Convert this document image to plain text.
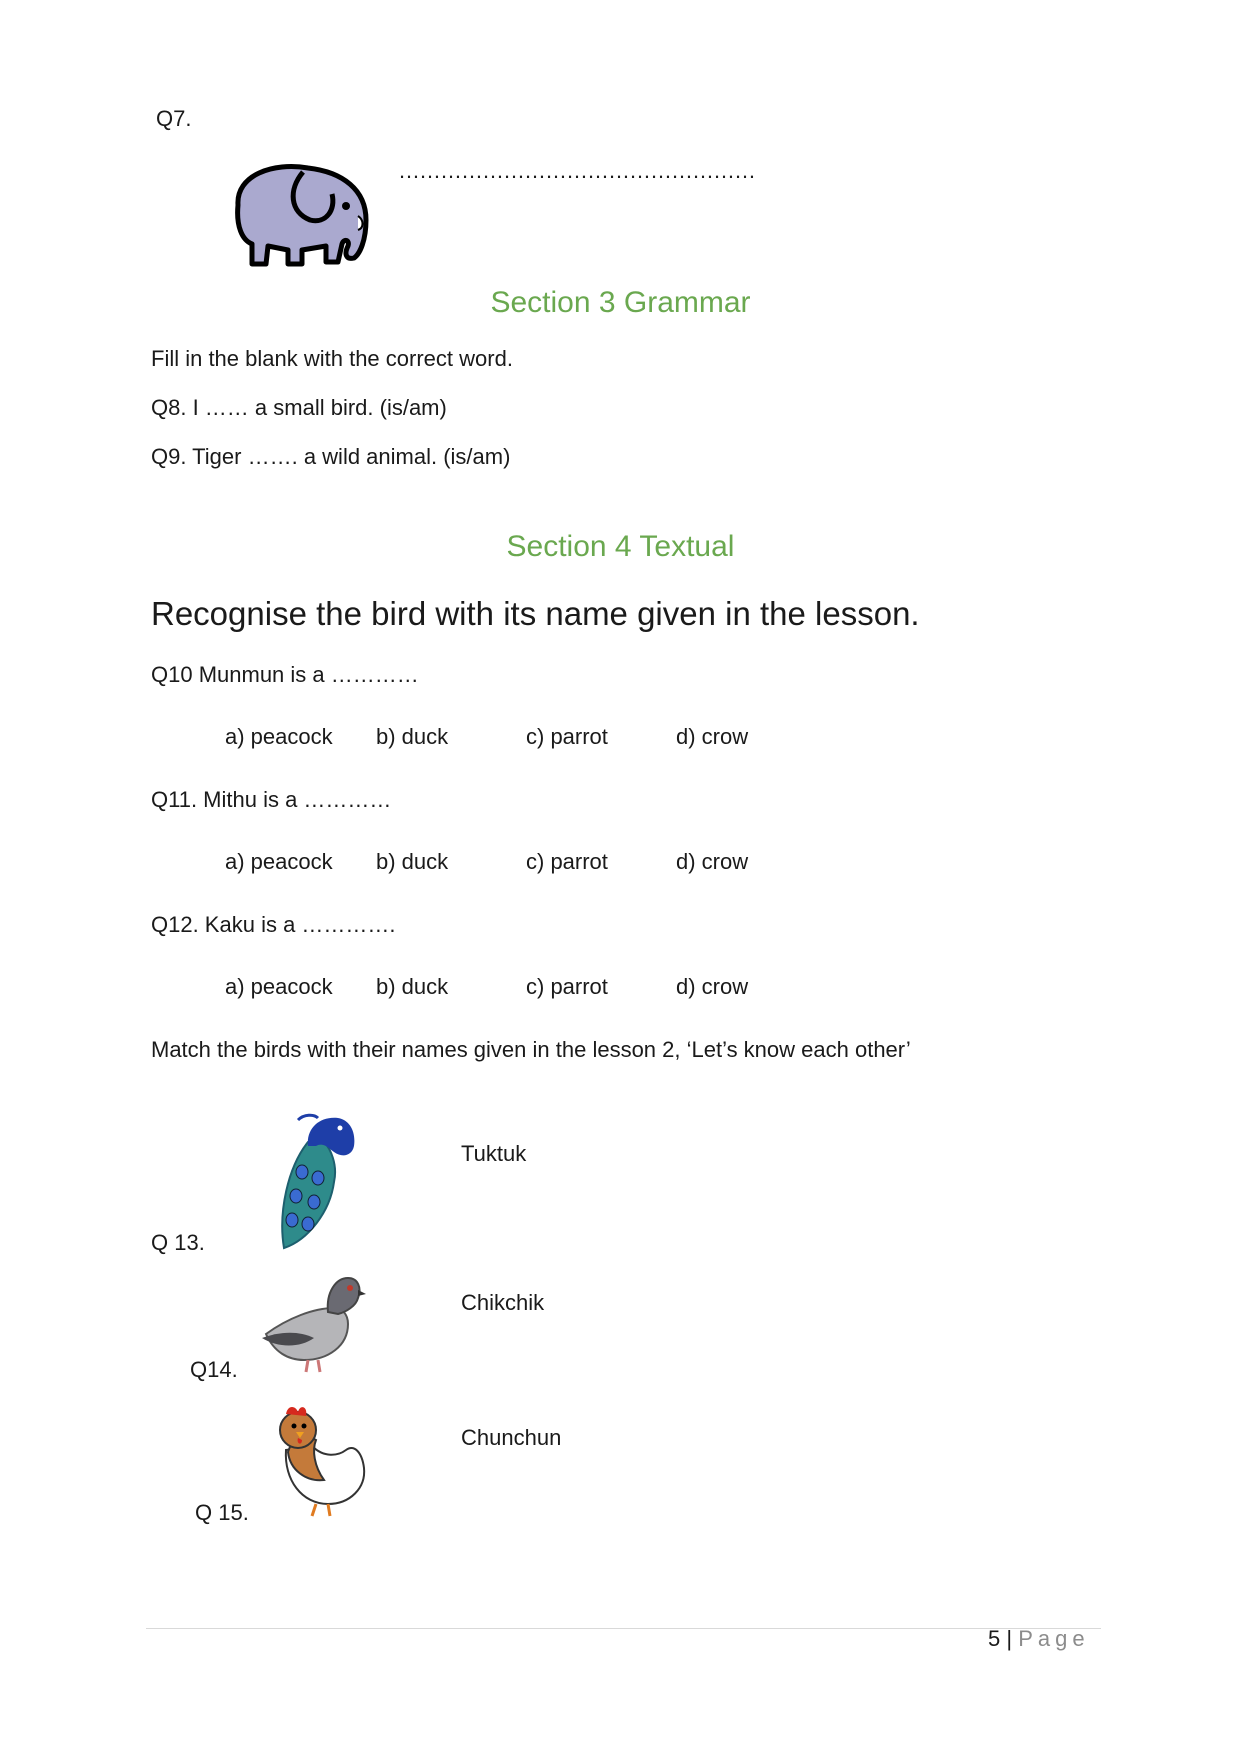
Q7.
……………………………………………
Section 3 Grammar
Fill in the blank with the correct word.
Q8. I …… a small bird. (is/am)
Q9. Tiger ……. a wild animal. (is/am)
Section 4 Textual
Recognise the bird with its name given in the lesson.
Q10 Munmun is a …………
a) peacock b) duck	c) parrot	d) crow
Q11. Mithu is a …………
a) peacock b) duck	c) parrot	d) crow
Q12. Kaku is a ………….
a) peacock b) duck	c) parrot	d) crow
Match the birds with their names given in the lesson 2, ‘Let’s know each other’
Q 13.
Tuktuk
Q14.
Chikchik
Q 15.
Chunchun
5 | Page
